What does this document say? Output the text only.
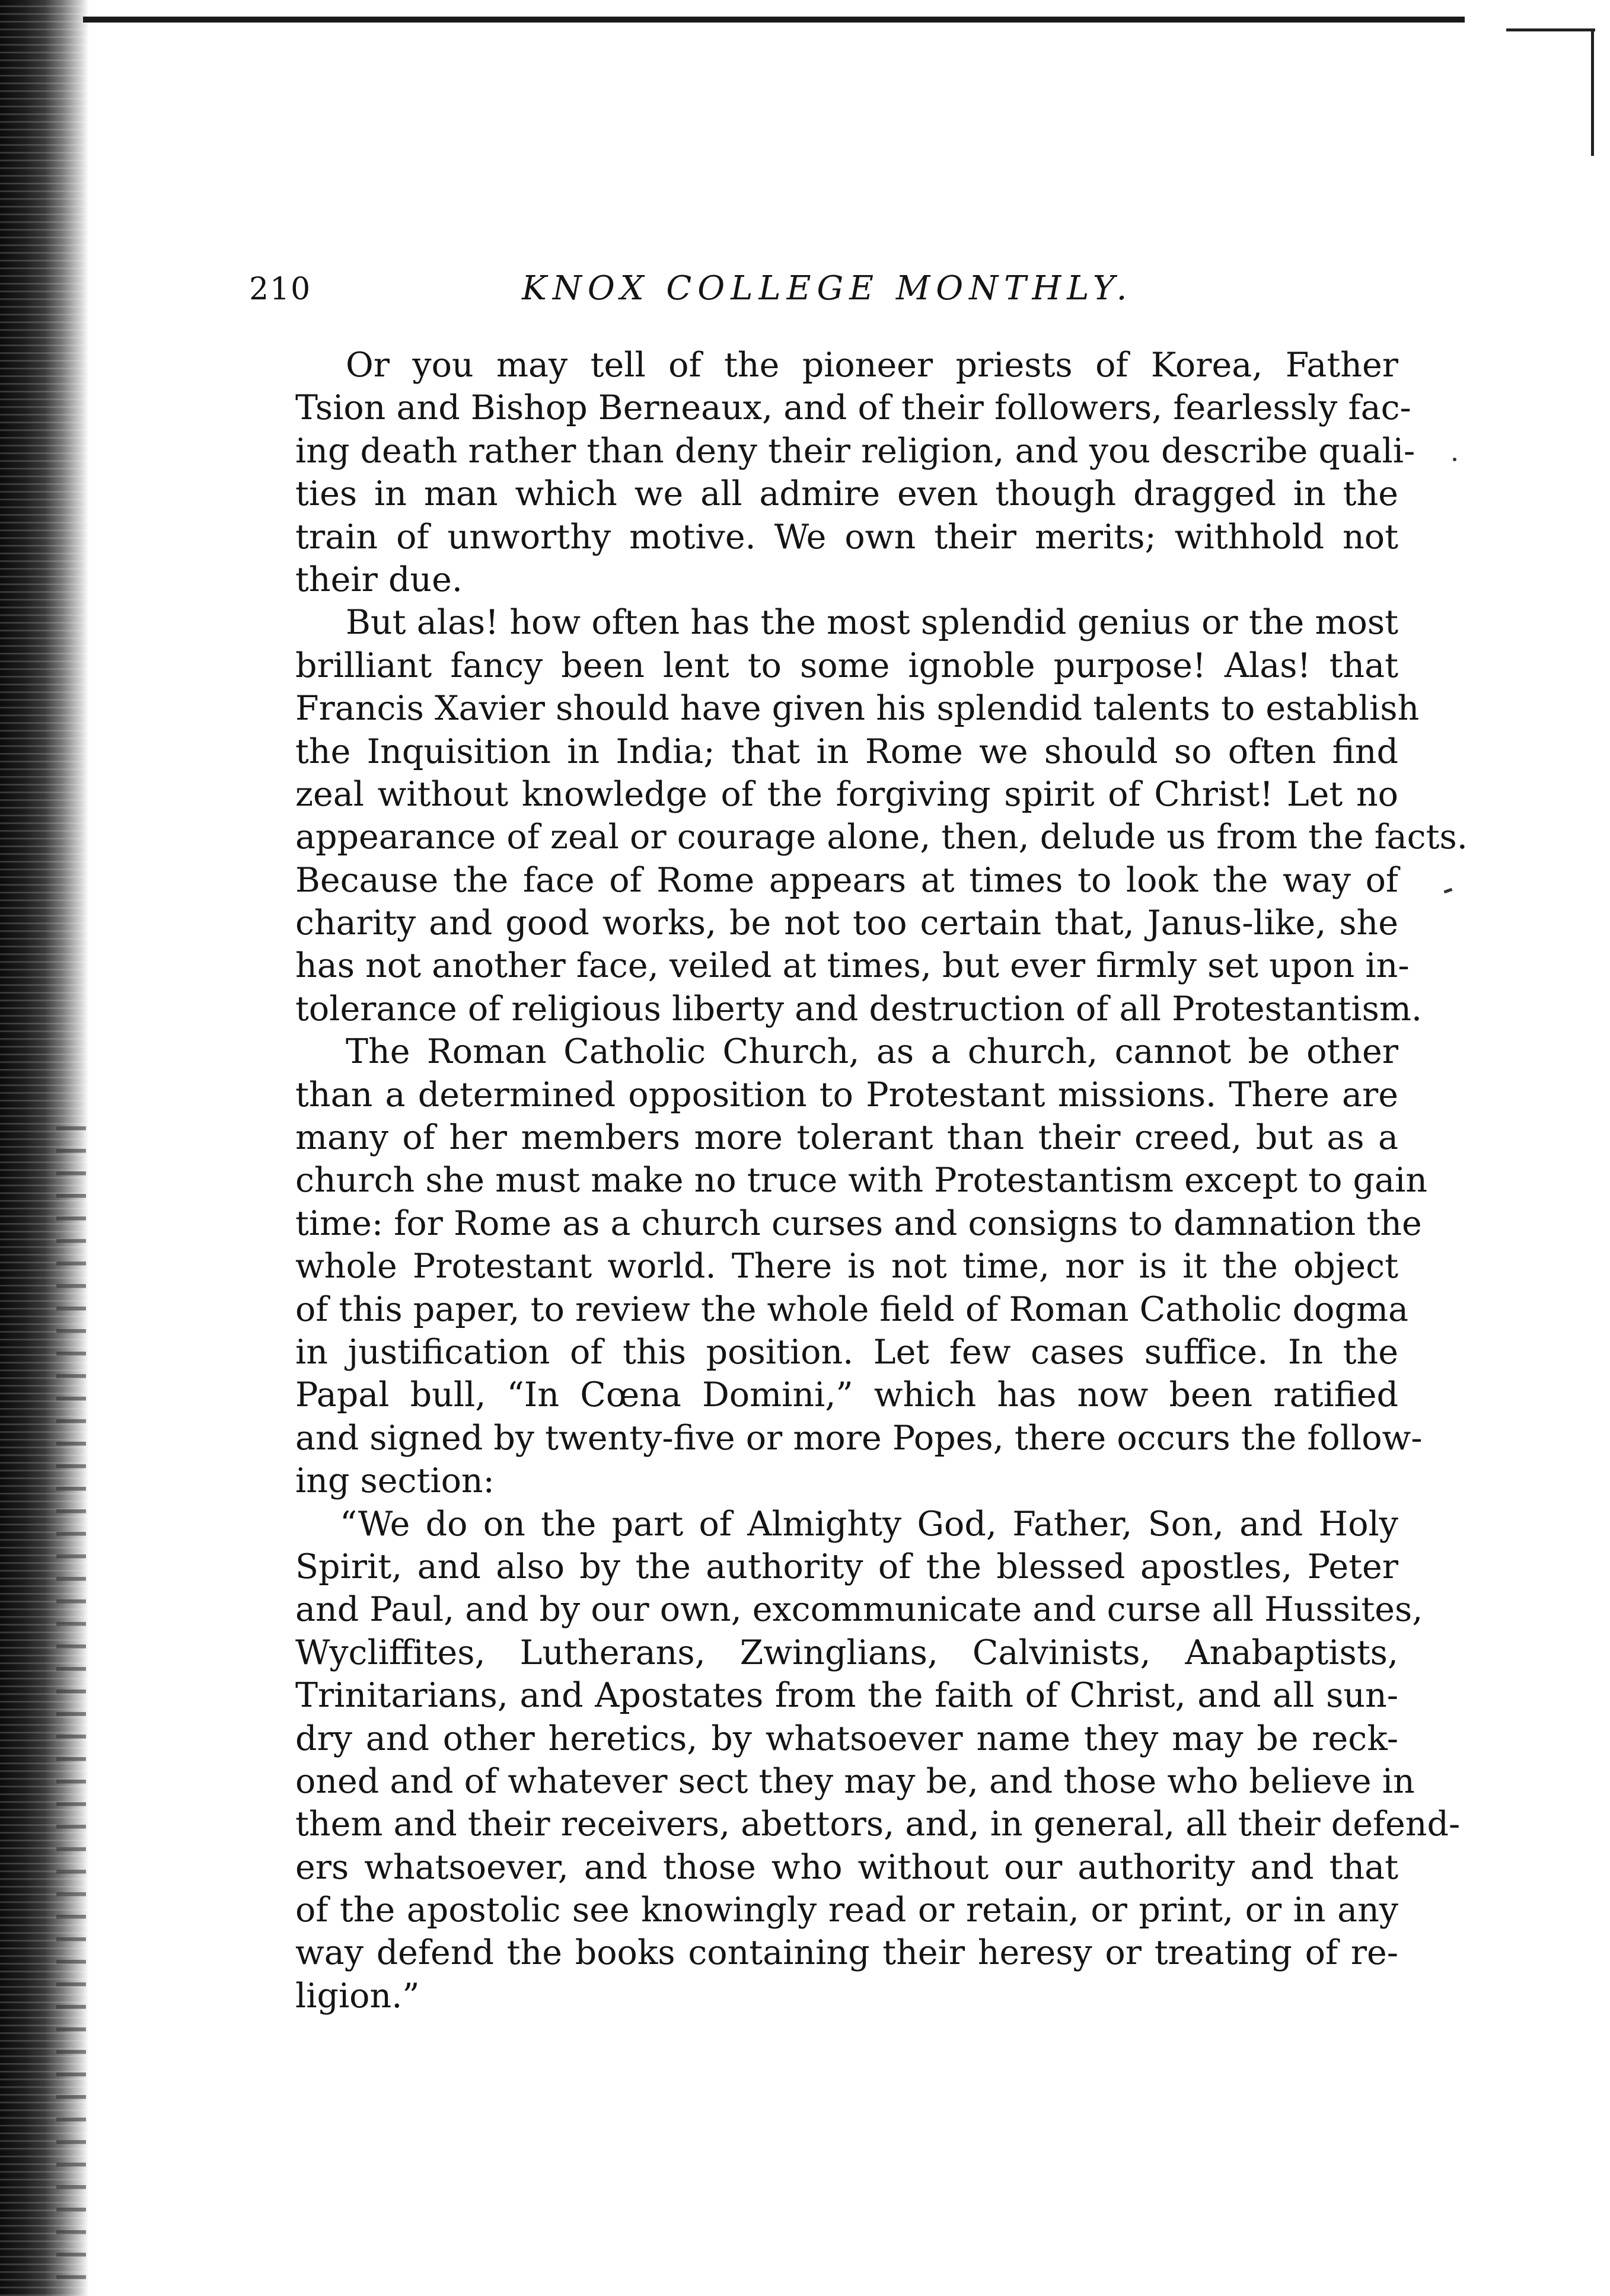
210	KNOX COLLEGE MONTHLY.
Or you may tell of the pioneer priests of Korea, Father
Tsion and Bishop Berneaux, and of their followers, fearlessly fac-
ing death rather than deny their religion, and you describe quali-
ties in man which we all admire even though dragged in the
train of unworthy motive. We own their merits; withhold not
their due.
But alas! how often has the most splendid genius or the most
brilliant fancy been lent to some ignoble purpose! Alas! that
Francis Xavier should have given his splendid talents to establish
the Inquisition in India; that in Rome we should so often find
zeal without knowledge of the forgiving spirit of Christ! Let no
appearance of zeal or courage alone, then, delude us from the facts.
Because the face of Rome appears at times to look the way of
charity and good works, be not too certain that, Janus-like, she
has not another face, veiled at times, but ever firmly set upon in-
tolerance of religious liberty and destruction of all Protestantism.
The Roman Catholic Church, as a church, cannot be other
than a determined opposition to Protestant missions. There are
many of her members more tolerant than their creed, but as a
church she must make no truce with Protestantism except to gain
time: for Rome as a church curses and consigns to damnation the
whole Protestant world. There is not time, nor is it the object
of this paper, to review the whole field of Roman Catholic dogma
in justification of this position. Let few cases suffice. In the
Papal bull, “In Cœna Domini,” which has now been ratified
and signed by twenty-five or more Popes, there occurs the follow-
ing section:
“We do on the part of Almighty God, Father, Son, and Holy
Spirit, and also by the authority of the blessed apostles, Peter
and Paul, and by our own, excommunicate and curse all Hussites,
Wycliffites, Lutherans, Zwinglians, Calvinists, Anabaptists,
Trinitarians, and Apostates from the faith of Christ, and all sun-
dry and other heretics, by whatsoever name they may be reck-
oned and of whatever sect they may be, and those who believe in
them and their receivers, abettors, and, in general, all their defend-
ers whatsoever, and those who without our authority and that
of the apostolic see knowingly read or retain, or print, or in any
way defend the books containing their heresy or treating of re-
ligion.”
